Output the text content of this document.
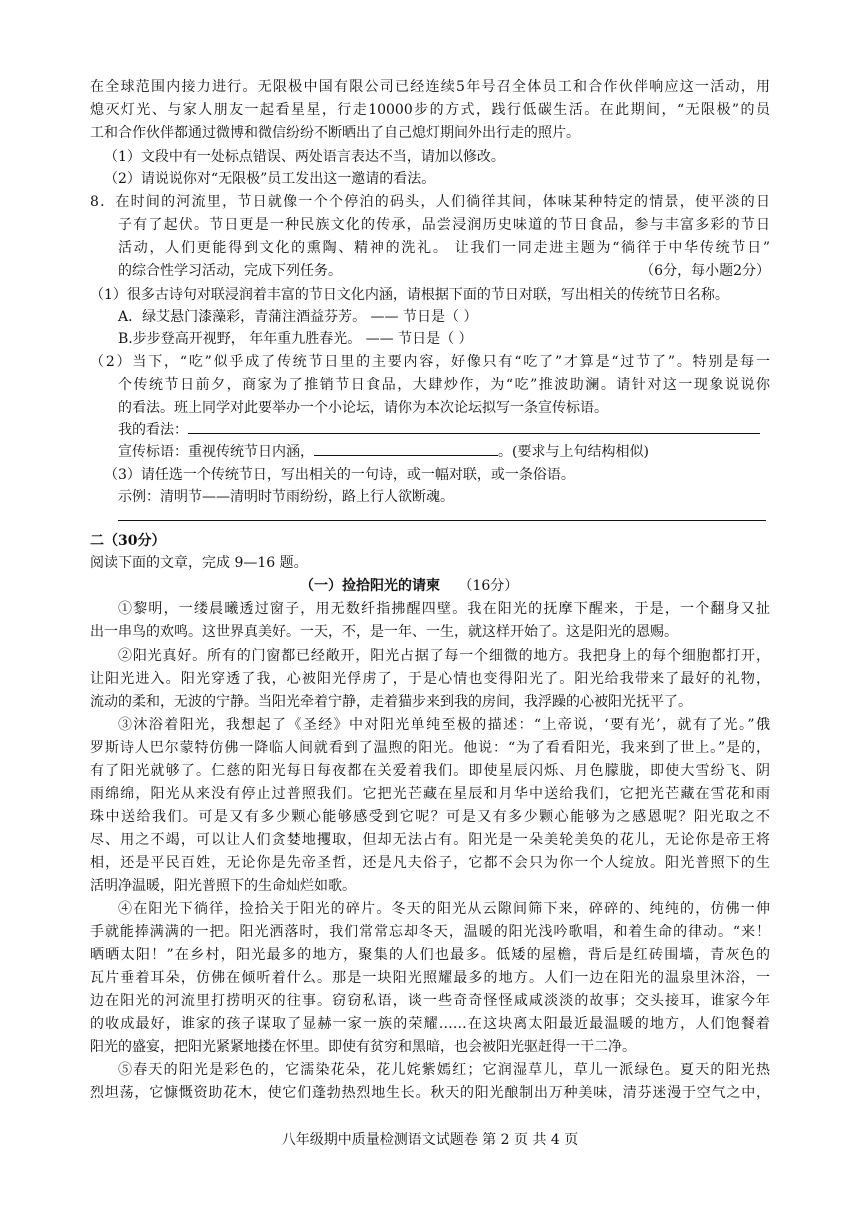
在全球范围内接力进行。无限极中国有限公司已经连续5年号召全体员工和合作伙伴响应这一活动，用
熄灭灯光、与家人朋友一起看星星，行走10000步的方式，践行低碳生活。在此期间，“无限极”的员
工和合作伙伴都通过微博和微信纷纷不断晒出了自己熄灯期间外出行走的照片。
（1）文段中有一处标点错误、两处语言表达不当，请加以修改。
（2）请说说你对“无限极”员工发出这一邀请的看法。
8．在时间的河流里，节日就像一个个停泊的码头，人们徜徉其间，体味某种特定的情景，使平淡的日
子有了起伏。节日更是一种民族文化的传承，品尝浸润历史味道的节日食品，参与丰富多彩的节日
活动，人们更能得到文化的熏陶、精神的洗礼。 让我们一同走进主题为“徜徉于中华传统节日”
的综合性学习活动，完成下列任务。	（6分，每小题2分）
（1）很多古诗句对联浸润着丰富的节日文化内涵，请根据下面的节日对联，写出相关的传统节日名称。
A．绿艾悬门漆藻彩，青蒲注酒益芬芳。 —— 节日是（ ）
B.步步登高开视野， 年年重九胜春光。 —— 节日是（ ）
（2）当下，“吃”似乎成了传统节日里的主要内容，好像只有“吃了”才算是“过节了”。特别是每一
个传统节日前夕，商家为了推销节日食品，大肆炒作，为“吃”推波助澜。请针对这一现象说说你
的看法。班上同学对此要举办一个小论坛，请你为本次论坛拟写一条宣传标语。
我的看法：
宣传标语：重视传统节日内涵，	。(要求与上句结构相似)
（3）请任选一个传统节日，写出相关的一句诗，或一幅对联，或一条俗语。
示例：清明节——清明时节雨纷纷，路上行人欲断魂。
二（30分）
阅读下面的文章，完成 9—16 题。
（一）捡拾阳光的请柬 （16分）
①黎明，一缕晨曦透过窗子，用无数纤指拂醒四壁。我在阳光的抚摩下醒来，于是，一个翻身又扯
出一串鸟的欢鸣。这世界真美好。一天，不，是一年、一生，就这样开始了。这是阳光的恩赐。
②阳光真好。所有的门窗都已经敞开，阳光占据了每一个细微的地方。我把身上的每个细胞都打开，
让阳光进入。阳光穿透了我，心被阳光俘虏了，于是心情也变得阳光了。阳光给我带来了最好的礼物，
流动的柔和，无波的宁静。当阳光牵着宁静，走着猫步来到我的房间，我浮躁的心被阳光抚平了。
③沐浴着阳光，我想起了《圣经》中对阳光单纯至极的描述：“上帝说，‘要有光’，就有了光。”俄
罗斯诗人巴尔蒙特仿佛一降临人间就看到了温煦的阳光。他说：“为了看看阳光，我来到了世上。”是的，
有了阳光就够了。仁慈的阳光每日每夜都在关爱着我们。即使星辰闪烁、月色朦胧，即使大雪纷飞、阴
雨绵绵，阳光从来没有停止过普照我们。它把光芒藏在星辰和月华中送给我们，它把光芒藏在雪花和雨
珠中送给我们。可是又有多少颗心能够感受到它呢？可是又有多少颗心能够为之感恩呢？阳光取之不
尽、用之不竭，可以让人们贪婪地攫取，但却无法占有。阳光是一朵美轮美奂的花儿，无论你是帝王将
相，还是平民百姓，无论你是先帝圣哲，还是凡夫俗子，它都不会只为你一个人绽放。阳光普照下的生
活明净温暖，阳光普照下的生命灿烂如歌。
④在阳光下徜徉，捡拾关于阳光的碎片。冬天的阳光从云隙间筛下来，碎碎的、纯纯的，仿佛一伸
手就能捧满满的一把。阳光洒落时，我们常常忘却冬天，温暖的阳光浅吟歌唱，和着生命的律动。“来！
晒晒太阳！”在乡村，阳光最多的地方，聚集的人们也最多。低矮的屋檐，背后是红砖围墙，青灰色的
瓦片垂着耳朵，仿佛在倾听着什么。那是一块阳光照耀最多的地方。人们一边在阳光的温泉里沐浴，一
边在阳光的河流里打捞明灭的往事。窃窃私语，谈一些奇奇怪怪咸咸淡淡的故事；交头接耳，谁家今年
的收成最好，谁家的孩子谋取了显赫一家一族的荣耀……在这块离太阳最近最温暖的地方，人们饱餐着
阳光的盛宴，把阳光紧紧地搂在怀里。即使有贫穷和黑暗，也会被阳光驱赶得一干二净。
⑤春天的阳光是彩色的，它濡染花朵，花儿姹紫嫣红；它润湿草儿，草儿一派绿色。夏天的阳光热
烈坦荡，它慷慨资助花木，使它们蓬勃热烈地生长。秋天的阳光酿制出万种美味，清芬迷漫于空气之中，
八年级期中质量检测语文试题卷 第 2 页 共 4 页
